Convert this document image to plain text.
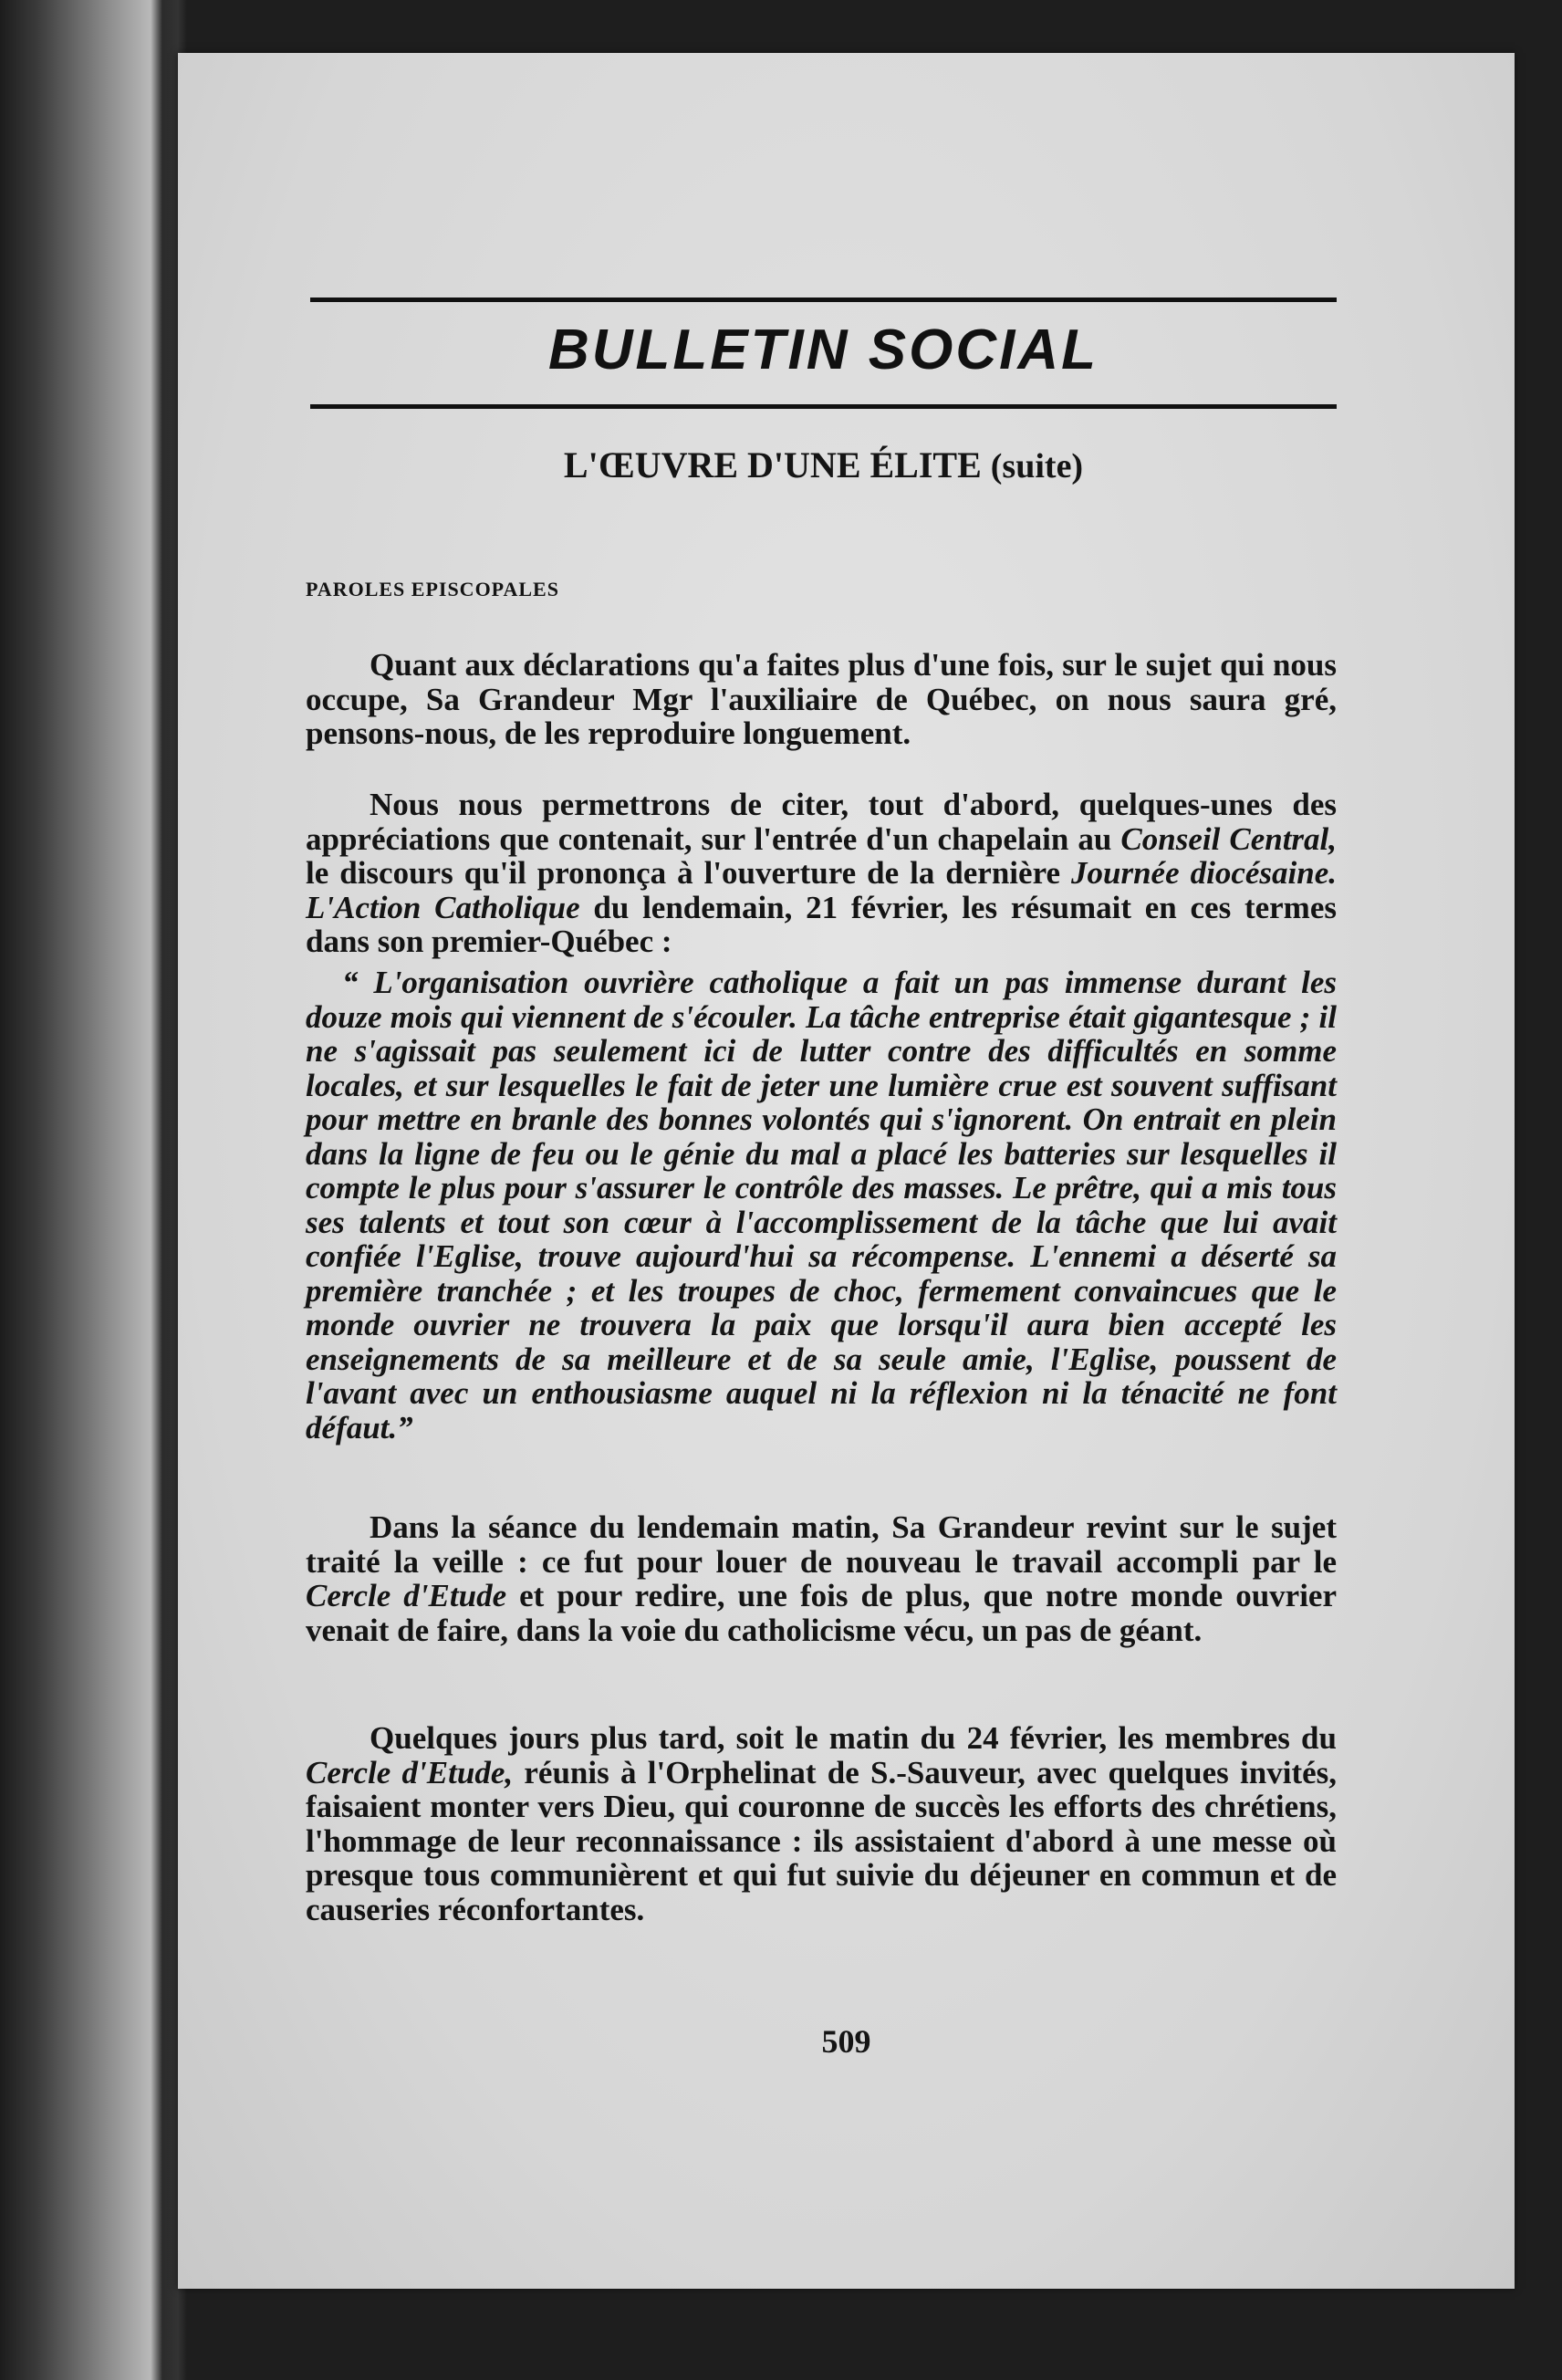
BULLETIN SOCIAL
L'ŒUVRE D'UNE ÉLITE (suite)
PAROLES EPISCOPALES

Quant aux déclarations qu'a faites plus d'une fois, sur le sujet qui nous occupe, Sa Grandeur Mgr l'auxiliaire de Québec, on nous saura gré, pensons-nous, de les reproduire longuement.

Nous nous permettrons de citer, tout d'abord, quelques-unes des appréciations que contenait, sur l'entrée d'un chapelain au Conseil Central, le discours qu'il prononça à l'ouverture de la dernière Journée diocésaine. L'Action Catholique du lendemain, 21 février, les résumait en ces termes dans son premier-Québec :

“ L'organisation ouvrière catholique a fait un pas immense durant les douze mois qui viennent de s'écouler. La tâche entreprise était gigantesque ; il ne s'agissait pas seulement ici de lutter contre des difficultés en somme locales, et sur lesquelles le fait de jeter une lumière crue est souvent suffisant pour mettre en branle des bonnes volontés qui s'ignorent. On entrait en plein dans la ligne de feu ou le génie du mal a placé les batteries sur lesquelles il compte le plus pour s'assurer le contrôle des masses. Le prêtre, qui a mis tous ses talents et tout son cœur à l'accomplissement de la tâche que lui avait confiée l'Eglise, trouve aujourd'hui sa récompense. L'ennemi a déserté sa première tranchée ; et les troupes de choc, fermement convaincues que le monde ouvrier ne trouvera la paix que lorsqu'il aura bien accepté les enseignements de sa meilleure et de sa seule amie, l'Eglise, poussent de l'avant avec un enthousiasme auquel ni la réflexion ni la ténacité ne font défaut.”

Dans la séance du lendemain matin, Sa Grandeur revint sur le sujet traité la veille : ce fut pour louer de nouveau le travail accompli par le Cercle d'Etude et pour redire, une fois de plus, que notre monde ouvrier venait de faire, dans la voie du catholicisme vécu, un pas de géant.

Quelques jours plus tard, soit le matin du 24 février, les membres du Cercle d'Etude, réunis à l'Orphelinat de S.-Sauveur, avec quelques invités, faisaient monter vers Dieu, qui couronne de succès les efforts des chrétiens, l'hommage de leur reconnaissance : ils assistaient d'abord à une messe où presque tous communièrent et qui fut suivie du déjeuner en commun et de causeries réconfortantes.

509
